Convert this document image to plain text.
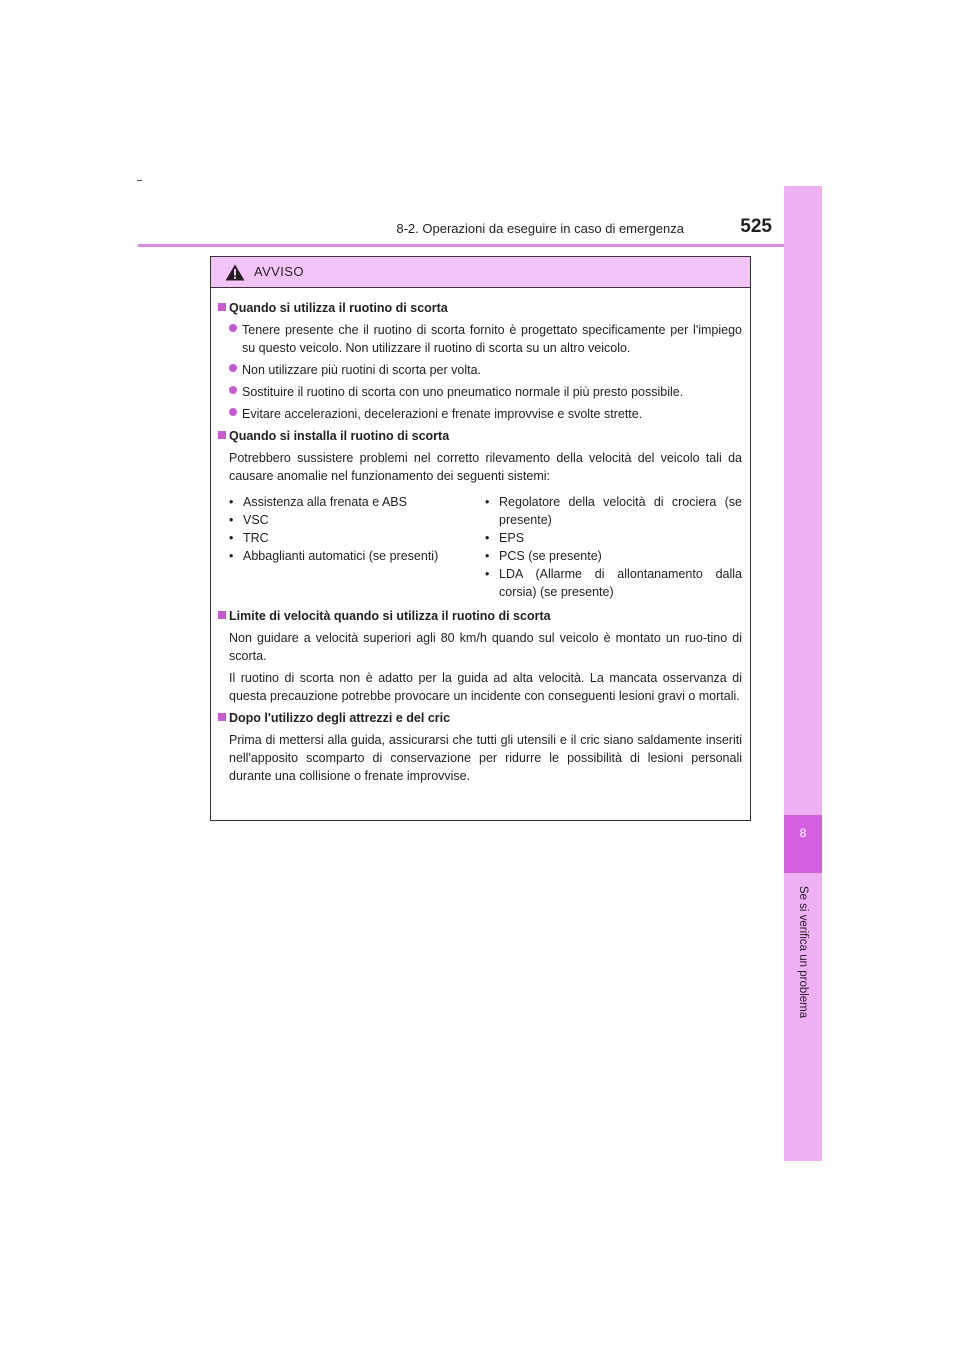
8-2. Operazioni da eseguire in caso di emergenza	525
8
Se si verifica un problema
AVVISO
Quando si utilizza il ruotino di scorta
Tenere presente che il ruotino di scorta fornito è progettato specificamente per l'impiego su questo veicolo. Non utilizzare il ruotino di scorta su un altro veicolo.
Non utilizzare più ruotini di scorta per volta.
Sostituire il ruotino di scorta con uno pneumatico normale il più presto possibile.
Evitare accelerazioni, decelerazioni e frenate improvvise e svolte strette.
Quando si installa il ruotino di scorta
Potrebbero sussistere problemi nel corretto rilevamento della velocità del veicolo tali da causare anomalie nel funzionamento dei seguenti sistemi:
• Assistenza alla frenata e ABS
• VSC
• TRC
• Abbaglianti automatici (se presenti)
• Regolatore della velocità di crociera (se presente)
• EPS
• PCS (se presente)
• LDA (Allarme di allontanamento dalla corsia) (se presente)
Limite di velocità quando si utilizza il ruotino di scorta
Non guidare a velocità superiori agli 80 km/h quando sul veicolo è montato un ruo-tino di scorta.
Il ruotino di scorta non è adatto per la guida ad alta velocità. La mancata osservanza di questa precauzione potrebbe provocare un incidente con conseguenti lesioni gravi o mortali.
Dopo l'utilizzo degli attrezzi e del cric
Prima di mettersi alla guida, assicurarsi che tutti gli utensili e il cric siano saldamente inseriti nell'apposito scomparto di conservazione per ridurre le possibilità di lesioni personali durante una collisione o frenate improvvise.
